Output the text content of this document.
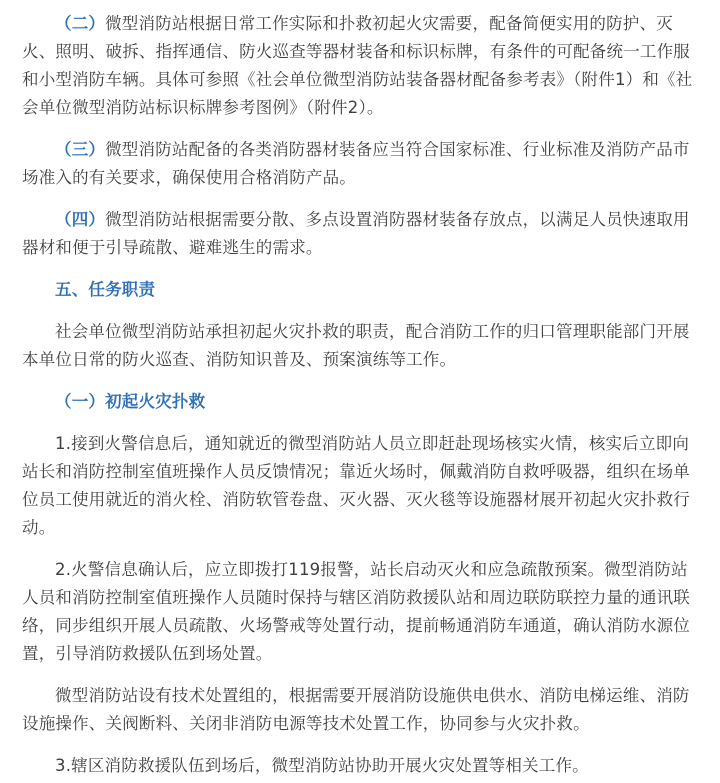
（二）微型消防站根据日常工作实际和扑救初起火灾需要，配备简便实用的防护、灭火、照明、破拆、指挥通信、防火巡查等器材装备和标识标牌，有条件的可配备统一工作服和小型消防车辆。具体可参照《社会单位微型消防站装备器材配备参考表》（附件1）和《社会单位微型消防站标识标牌参考图例》（附件2）。

（三）微型消防站配备的各类消防器材装备应当符合国家标准、行业标准及消防产品市场准入的有关要求，确保使用合格消防产品。

（四）微型消防站根据需要分散、多点设置消防器材装备存放点，以满足人员快速取用器材和便于引导疏散、避难逃生的需求。

五、任务职责

社会单位微型消防站承担初起火灾扑救的职责，配合消防工作的归口管理职能部门开展本单位日常的防火巡查、消防知识普及、预案演练等工作。

（一）初起火灾扑救

1.接到火警信息后，通知就近的微型消防站人员立即赶赴现场核实火情，核实后立即向站长和消防控制室值班操作人员反馈情况；靠近火场时，佩戴消防自救呼吸器，组织在场单位员工使用就近的消火栓、消防软管卷盘、灭火器、灭火毯等设施器材展开初起火灾扑救行动。

2.火警信息确认后，应立即拨打119报警，站长启动灭火和应急疏散预案。微型消防站人员和消防控制室值班操作人员随时保持与辖区消防救援队站和周边联防联控力量的通讯联络，同步组织开展人员疏散、火场警戒等处置行动，提前畅通消防车通道，确认消防水源位置，引导消防救援队伍到场处置。

微型消防站设有技术处置组的，根据需要开展消防设施供电供水、消防电梯运维、消防设施操作、关阀断料、关闭非消防电源等技术处置工作，协同参与火灾扑救。

3.辖区消防救援队伍到场后，微型消防站协助开展火灾处置等相关工作。
